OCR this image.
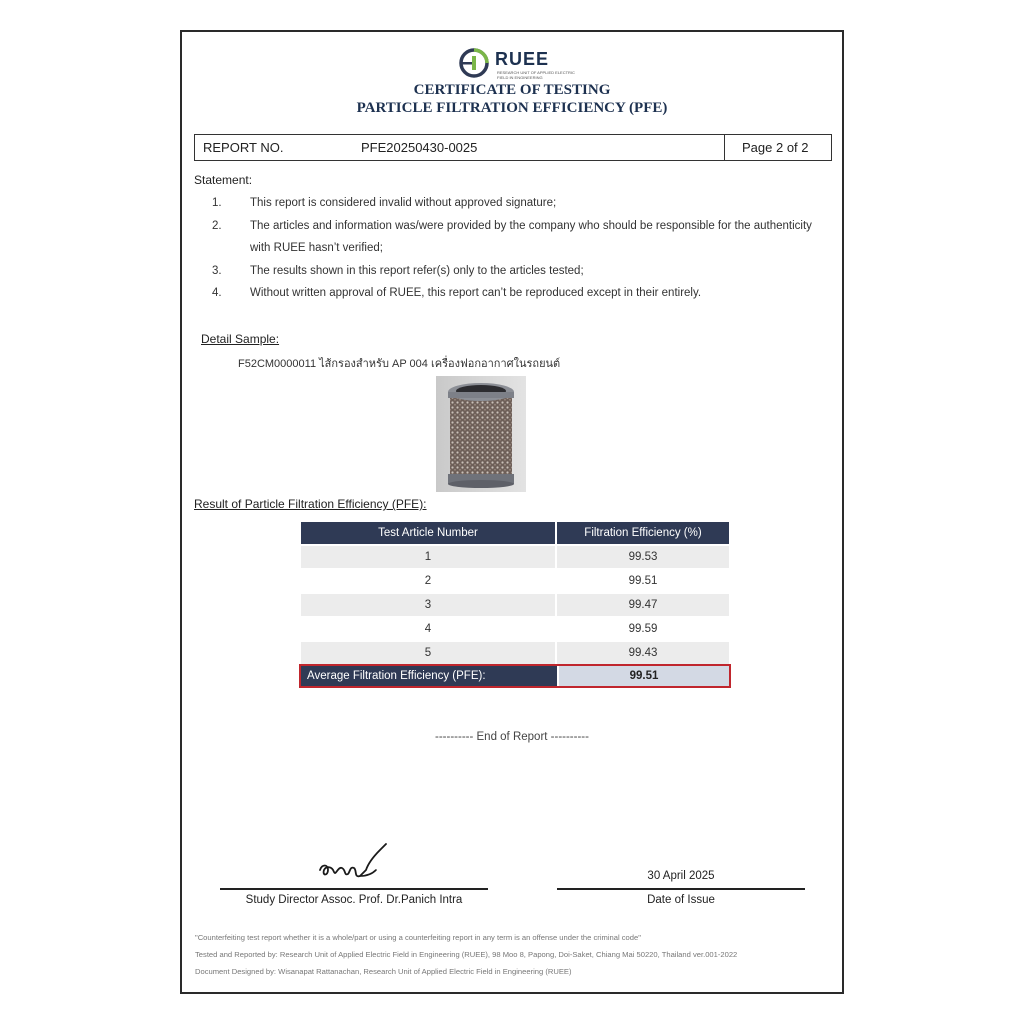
RUEE
RESEARCH UNIT OF APPLIED ELECTRIC FIELD IN ENGINEERING
CERTIFICATE OF TESTING
PARTICLE FILTRATION EFFICIENCY (PFE)
REPORT NO.	PFE20250430-0025	Page 2 of 2
Statement:
1. This report is considered invalid without approved signature;
2. The articles and information was/were provided by the company who should be responsible for the authenticity with RUEE hasn’t verified;
3. The results shown in this report refer(s) only to the articles tested;
4. Without written approval of RUEE, this report can’t be reproduced except in their entirely.
Detail Sample:
F52CM0000011 ไส้กรองสำหรับ AP 004 เครื่องฟอกอากาศในรถยนต์
Result of Particle Filtration Efficiency (PFE):
Test Article Number	Filtration Efficiency (%)
1	99.53
2	99.51
3	99.47
4	99.59
5	99.43
Average Filtration Efficiency (PFE):	99.51
---------- End of Report ----------
Study Director Assoc. Prof. Dr.Panich Intra
30 April 2025
Date of Issue
"Counterfeiting test report whether it is a whole/part or using a counterfeiting report in any term is an offense under the criminal code"
Tested and Reported by: Research Unit of Applied Electric Field in Engineering (RUEE), 98 Moo 8, Papong, Doi-Saket, Chiang Mai 50220, Thailand ver.001-2022
Document Designed by: Wisanapat Rattanachan, Research Unit of Applied Electric Field in Engineering (RUEE)
